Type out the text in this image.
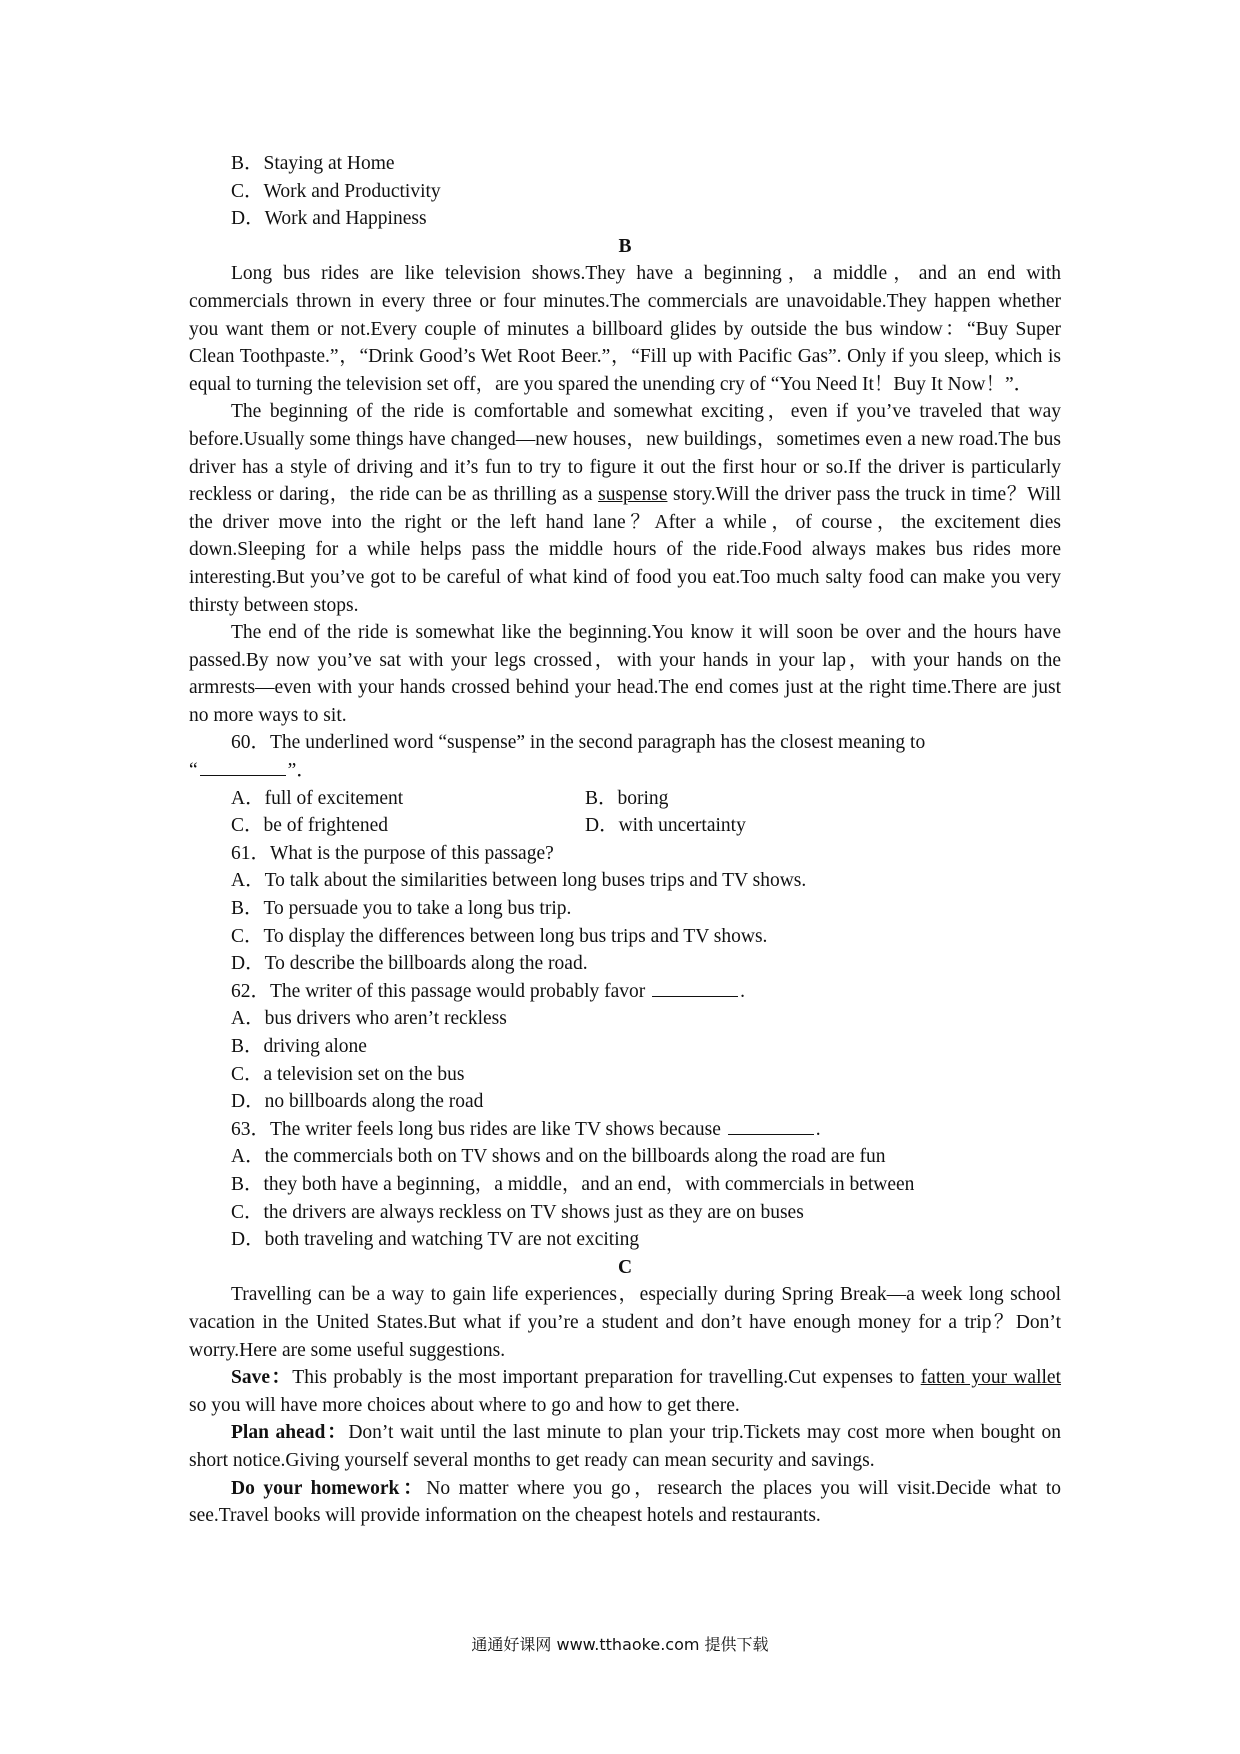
B．Staying at Home
C．Work and Productivity
D．Work and Happiness
B

Long bus rides are like television shows.They have a beginning，a middle，and an end with commercials thrown in every three or four minutes.The commercials are unavoidable.They happen whether you want them or not.Every couple of minutes a billboard glides by outside the bus window：“Buy Super Clean Toothpaste.”，“Drink Good’s Wet Root Beer.”，“Fill up with Pacific Gas”. Only if you sleep, which is equal to turning the television set off，are you spared the unending cry of “You Need It！Buy It Now！”．

The beginning of the ride is comfortable and somewhat exciting，even if you’ve traveled that way before.Usually some things have changed—new houses，new buildings，sometimes even a new road.The bus driver has a style of driving and it’s fun to try to figure it out the first hour or so.If the driver is particularly reckless or daring，the ride can be as thrilling as a suspense story.Will the driver pass the truck in time？Will the driver move into the right or the left hand lane？After a while，of course，the excitement dies down.Sleeping for a while helps pass the middle hours of the ride.Food always makes bus rides more interesting.But you’ve got to be careful of what kind of food you eat.Too much salty food can make you very thirsty between stops.

The end of the ride is somewhat like the beginning.You know it will soon be over and the hours have passed.By now you’ve sat with your legs crossed，with your hands in your lap，with your hands on the armrests—even with your hands crossed behind your head.The end comes just at the right time.There are just no more ways to sit.

60．The underlined word “suspense” in the second paragraph has the closest meaning to

“	”．
A．full of excitement	B．boring
C．be of frightened	D．with uncertainty
61．What is the purpose of this passage?
A．To talk about the similarities between long buses trips and TV shows.
B．To persuade you to take a long bus trip.
C．To display the differences between long bus trips and TV shows.
D．To describe the billboards along the road.
62．The writer of this passage would probably favor	.
A．bus drivers who aren’t reckless
B．driving alone
C．a television set on the bus
D．no billboards along the road
63．The writer feels long bus rides are like TV shows because	.
A．the commercials both on TV shows and on the billboards along the road are fun
B．they both have a beginning，a middle，and an end，with commercials in between
C．the drivers are always reckless on TV shows just as they are on buses
D．both traveling and watching TV are not exciting
C

Travelling can be a way to gain life experiences，especially during Spring Break—a week long school vacation in the United States.But what if you’re a student and don’t have enough money for a trip？Don’t worry.Here are some useful suggestions.

Save：This probably is the most important preparation for travelling.Cut expenses to fatten your wallet so you will have more choices about where to go and how to get there.

Plan ahead：Don’t wait until the last minute to plan your trip.Tickets may cost more when bought on short notice.Giving yourself several months to get ready can mean security and savings.

Do your homework：No matter where you go，research the places you will visit.Decide what to see.Travel books will provide information on the cheapest hotels and restaurants.

通通好课网 www.tthaoke.com 提供下载
